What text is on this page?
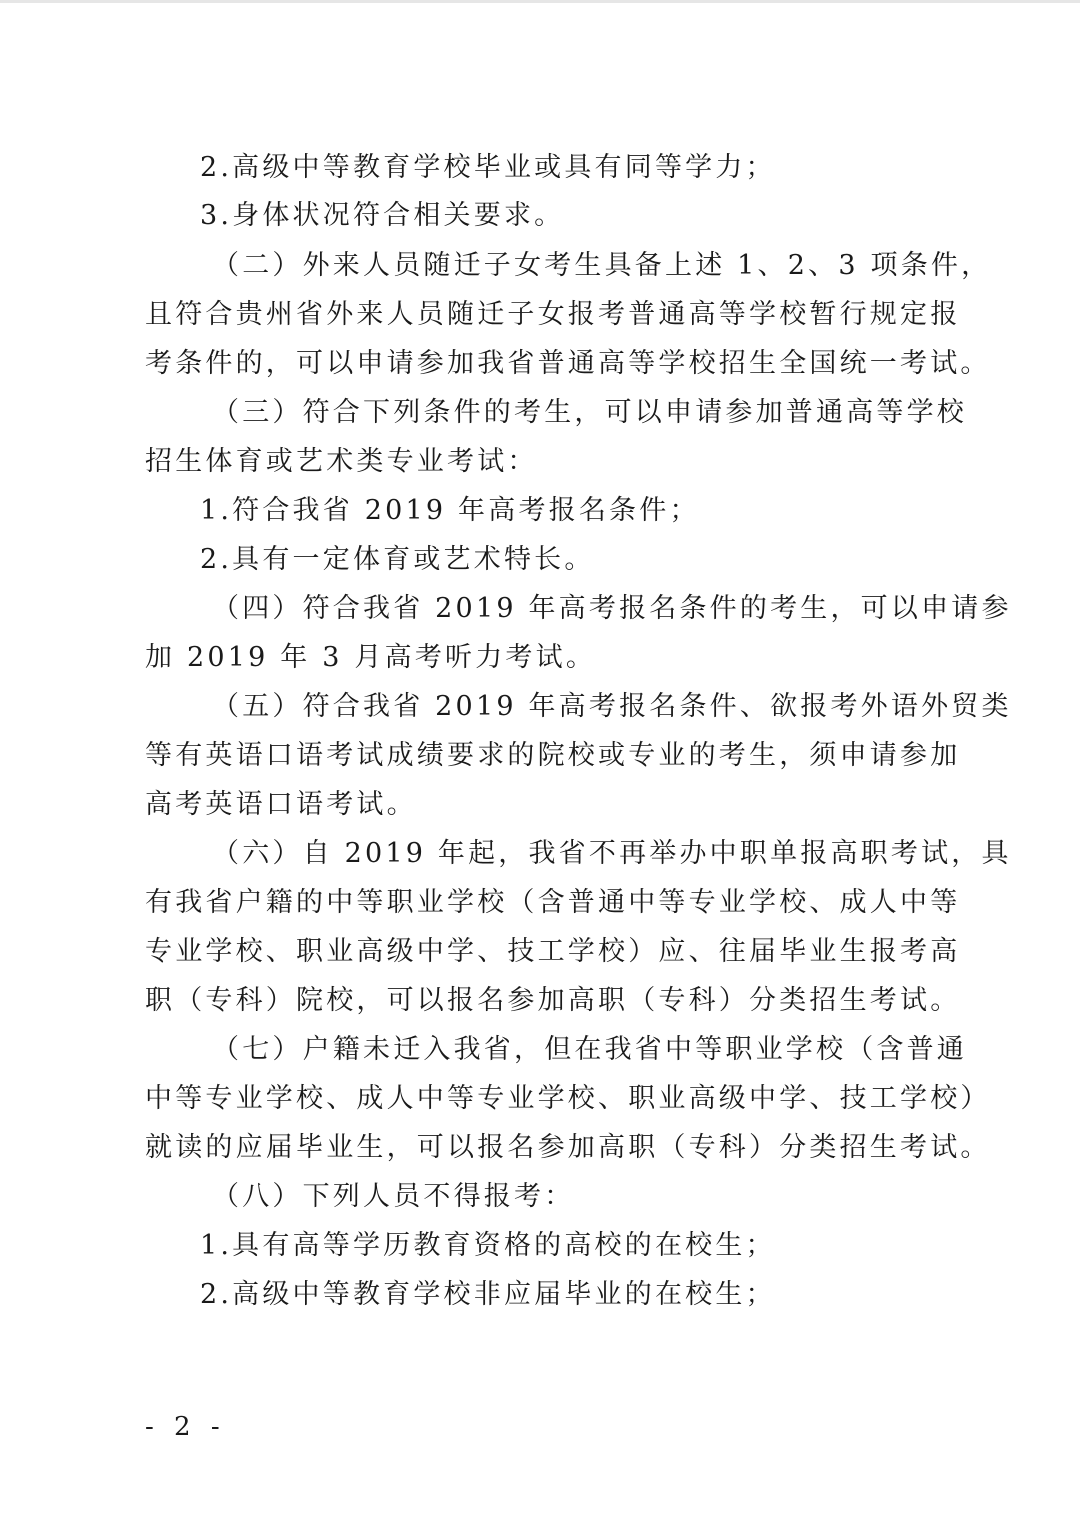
2.高级中等教育学校毕业或具有同等学力；
3.身体状况符合相关要求。
（二）外来人员随迁子女考生具备上述 1、2、3 项条件，
且符合贵州省外来人员随迁子女报考普通高等学校暂行规定报
考条件的，可以申请参加我省普通高等学校招生全国统一考试。
（三）符合下列条件的考生，可以申请参加普通高等学校
招生体育或艺术类专业考试：
1.符合我省 2019 年高考报名条件；
2.具有一定体育或艺术特长。
（四）符合我省 2019 年高考报名条件的考生，可以申请参
加 2019 年 3 月高考听力考试。
（五）符合我省 2019 年高考报名条件、欲报考外语外贸类
等有英语口语考试成绩要求的院校或专业的考生，须申请参加
高考英语口语考试。
（六）自 2019 年起，我省不再举办中职单报高职考试，具
有我省户籍的中等职业学校（含普通中等专业学校、成人中等
专业学校、职业高级中学、技工学校）应、往届毕业生报考高
职（专科）院校，可以报名参加高职（专科）分类招生考试。
（七）户籍未迁入我省，但在我省中等职业学校（含普通
中等专业学校、成人中等专业学校、职业高级中学、技工学校）
就读的应届毕业生，可以报名参加高职（专科）分类招生考试。
（八）下列人员不得报考：
1.具有高等学历教育资格的高校的在校生；
2.高级中等教育学校非应届毕业的在校生；
- 2 -
